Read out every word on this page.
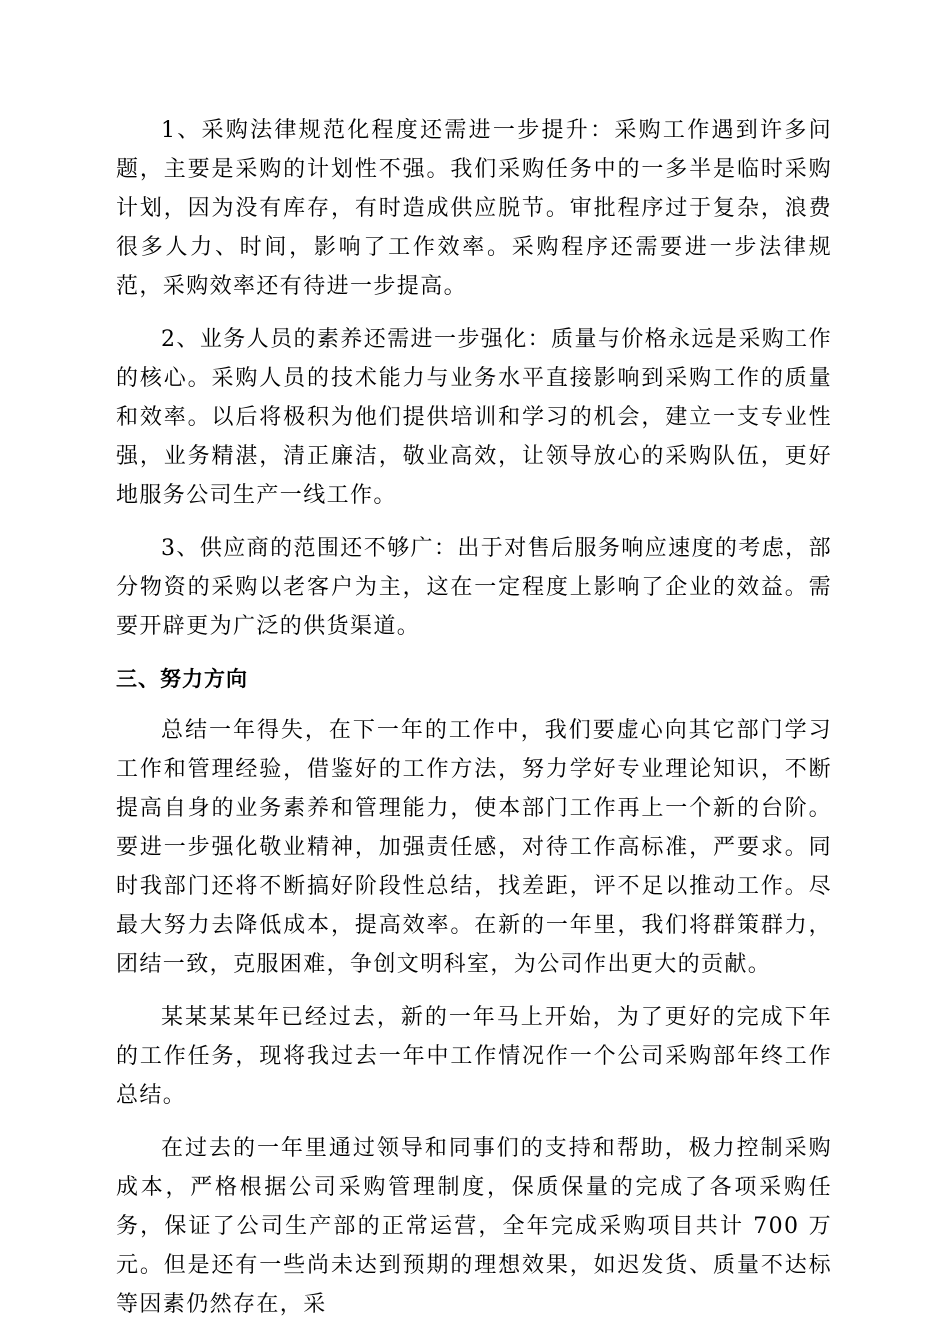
1、采购法律规范化程度还需进一步提升：采购工作遇到许多问题，主要是采购的计划性不强。我们采购任务中的一多半是临时采购计划，因为没有库存，有时造成供应脱节。审批程序过于复杂，浪费很多人力、时间，影响了工作效率。采购程序还需要进一步法律规范，采购效率还有待进一步提高。

2、业务人员的素养还需进一步强化：质量与价格永远是采购工作的核心。采购人员的技术能力与业务水平直接影响到采购工作的质量和效率。以后将极积为他们提供培训和学习的机会，建立一支专业性强，业务精湛，清正廉洁，敬业高效，让领导放心的采购队伍，更好地服务公司生产一线工作。

3、供应商的范围还不够广：出于对售后服务响应速度的考虑，部分物资的采购以老客户为主，这在一定程度上影响了企业的效益。需要开辟更为广泛的供货渠道。

三、努力方向

总结一年得失，在下一年的工作中，我们要虚心向其它部门学习工作和管理经验，借鉴好的工作方法，努力学好专业理论知识，不断提高自身的业务素养和管理能力，使本部门工作再上一个新的台阶。要进一步强化敬业精神，加强责任感，对待工作高标准，严要求。同时我部门还将不断搞好阶段性总结，找差距，评不足以推动工作。尽最大努力去降低成本，提高效率。在新的一年里，我们将群策群力，团结一致，克服困难，争创文明科室，为公司作出更大的贡献。

某某某某年已经过去，新的一年马上开始，为了更好的完成下年的工作任务，现将我过去一年中工作情况作一个公司采购部年终工作总结。

在过去的一年里通过领导和同事们的支持和帮助，极力控制采购成本，严格根据公司采购管理制度，保质保量的完成了各项采购任务，保证了公司生产部的正常运营，全年完成采购项目共计 700 万元。但是还有一些尚未达到预期的理想效果，如迟发货、质量不达标等因素仍然存在，采
